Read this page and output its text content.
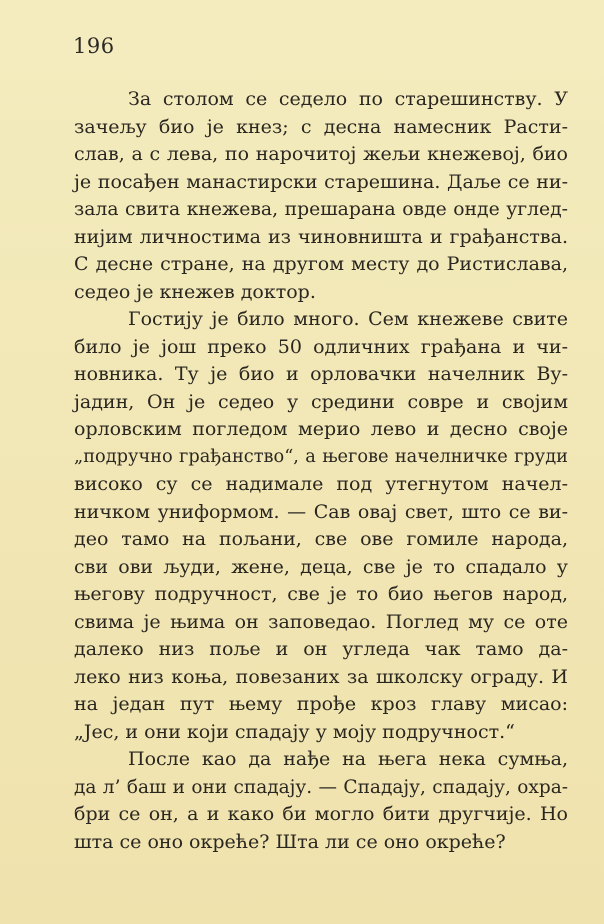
196
За столом се седело по старешинству. У
зачељу био је кнез; с десна намесник Расти-
слав, а с лева, по нарочитој жељи кнежевој, био
је посађен манастирски старешина. Даље се ни-
зала свита кнежева, прешарана овде онде углед-
нијим личностима из чиновништа и грађанства.
С десне стране, на другом месту до Ристислава,
седео је кнежев доктор.
Гостију је било много. Сем кнежеве свите
било је још преко 50 одличних грађана и чи-
новника. Ту је био и орловачки начелник Ву-
јадин, Он је седео у средини совре и својим
орловским погледом мерио лево и десно своје
„подручно грађанство“, а његове начелничке груди
високо су се надимале под утегнутом начел-
ничком униформом. — Сав овај свет, што се ви-
део тамо на пољани, све ове гомиле народа,
сви ови људи, жене, деца, све је то спадало у
његову подручност, све је то био његов народ,
свима је њима он заповедао. Поглед му се оте
далеко низ поље и он угледа чак тамо да-
леко низ коња, повезаних за школску ограду. И
на један пут њему прође кроз главу мисао:
„Јес, и они који спадају у моју подручност.“
После као да нађе на њега нека сумња,
да л’ баш и они спадају. — Спадају, спадају, охра-
бри се он, а и како би могло бити другчије. Но
шта се оно окреће? Шта ли се оно окреће?
